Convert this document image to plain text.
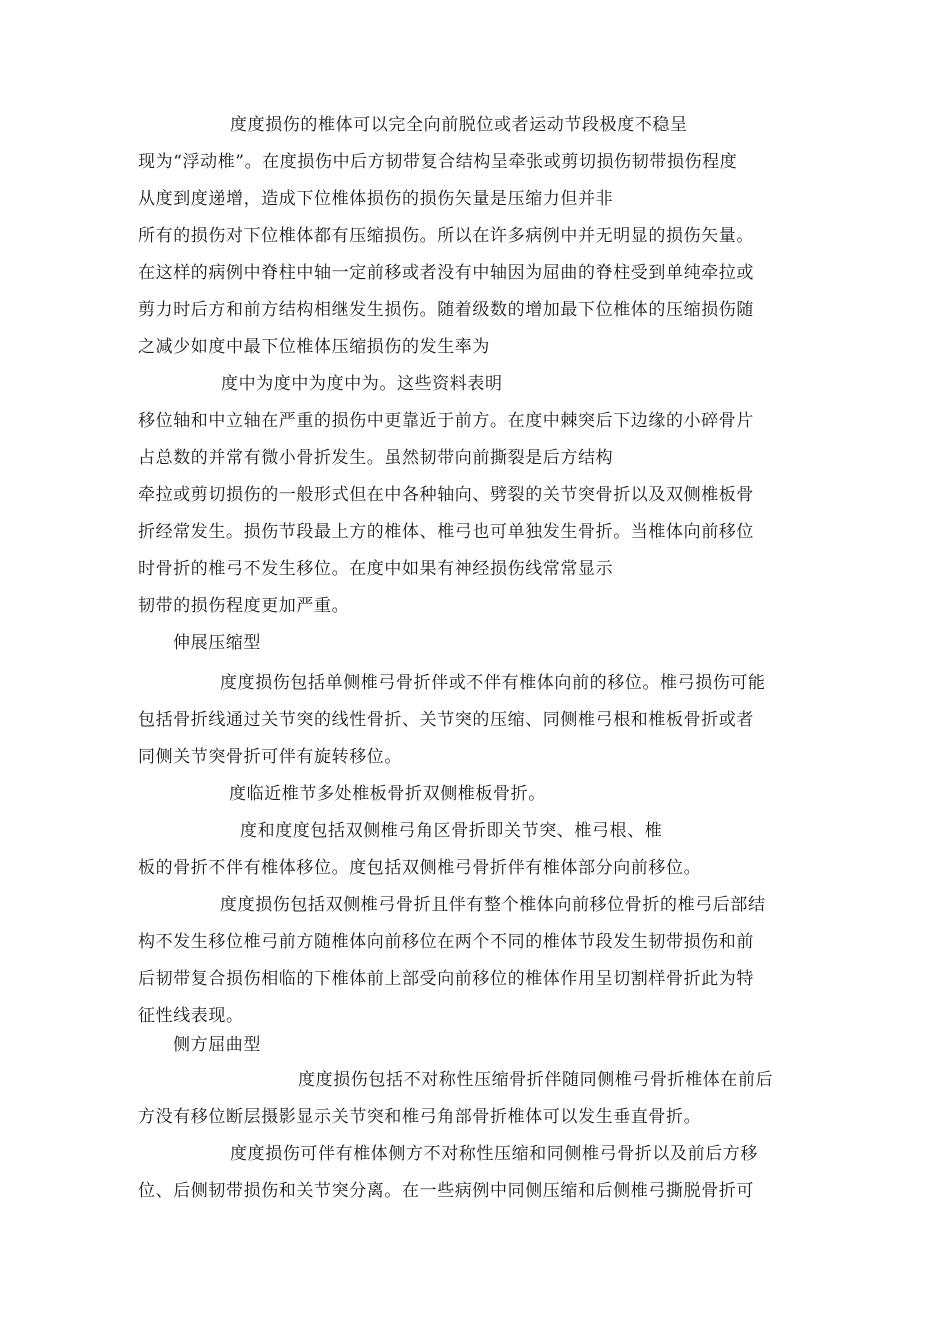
度度损伤的椎体可以完全向前脱位或者运动节段极度不稳呈
现为“浮动椎”。在度损伤中后方韧带复合结构呈牵张或剪切损伤韧带损伤程度
从度到度递增，造成下位椎体损伤的损伤矢量是压缩力但并非
所有的损伤对下位椎体都有压缩损伤。所以在许多病例中并无明显的损伤矢量。
在这样的病例中脊柱中轴一定前移或者没有中轴因为屈曲的脊柱受到单纯牵拉或
剪力时后方和前方结构相继发生损伤。随着级数的增加最下位椎体的压缩损伤随
之减少如度中最下位椎体压缩损伤的发生率为
度中为度中为度中为。这些资料表明
移位轴和中立轴在严重的损伤中更靠近于前方。在度中棘突后下边缘的小碎骨片
占总数的并常有微小骨折发生。虽然韧带向前撕裂是后方结构
牵拉或剪切损伤的一般形式但在中各种轴向、劈裂的关节突骨折以及双侧椎板骨
折经常发生。损伤节段最上方的椎体、椎弓也可单独发生骨折。当椎体向前移位
时骨折的椎弓不发生移位。在度中如果有神经损伤线常常显示
韧带的损伤程度更加严重。
伸展压缩型
度度损伤包括单侧椎弓骨折伴或不伴有椎体向前的移位。椎弓损伤可能
包括骨折线通过关节突的线性骨折、关节突的压缩、同侧椎弓根和椎板骨折或者
同侧关节突骨折可伴有旋转移位。
度临近椎节多处椎板骨折双侧椎板骨折。
度和度度包括双侧椎弓角区骨折即关节突、椎弓根、椎
板的骨折不伴有椎体移位。度包括双侧椎弓骨折伴有椎体部分向前移位。
度度损伤包括双侧椎弓骨折且伴有整个椎体向前移位骨折的椎弓后部结
构不发生移位椎弓前方随椎体向前移位在两个不同的椎体节段发生韧带损伤和前
后韧带复合损伤相临的下椎体前上部受向前移位的椎体作用呈切割样骨折此为特
征性线表现。
侧方屈曲型
度度损伤包括不对称性压缩骨折伴随同侧椎弓骨折椎体在前后
方没有移位断层摄影显示关节突和椎弓角部骨折椎体可以发生垂直骨折。
度度损伤可伴有椎体侧方不对称性压缩和同侧椎弓骨折以及前后方移
位、后侧韧带损伤和关节突分离。在一些病例中同侧压缩和后侧椎弓撕脱骨折可
